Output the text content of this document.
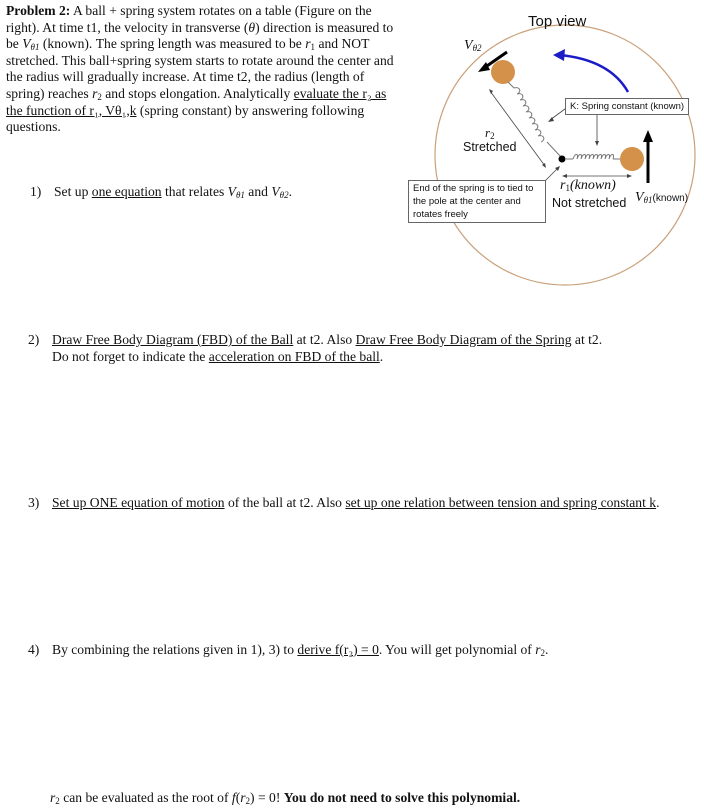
Problem 2: A ball + spring system rotates on a table (Figure on the right). At time t1, the velocity in transverse (θ) direction is measured to be $V_{\theta 1}$ (known). The spring length was measured to be $r_1$ and NOT stretched. This ball+spring system starts to rotate around the center and the radius will gradually increase. At time t2, the radius (length of spring) reaches $r_2$ and stops elongation. Analytically evaluate the r₂ as the function of r₁, Vθ₁,k (spring constant) by answering following questions.
Top view
$V_{\theta 2}$
$r_2$
Stretched
K: Spring constant (known)
End of the spring is to tied to the pole at the center and rotates freely
$r_1(known)$
Not stretched $V_{\theta 1}(known)$
1) Set up one equation that relates $V_{\theta 1}$ and $V_{\theta 2}$.
2) Draw Free Body Diagram (FBD) of the Ball at t2. Also Draw Free Body Diagram of the Spring at t2.
Do not forget to indicate the acceleration on FBD of the ball.
3) Set up ONE equation of motion of the ball at t2. Also set up one relation between tension and spring constant k.
4) By combining the relations given in 1), 3) to derive f(r₂) = 0. You will get polynomial of $r_2$.
$r_2$ can be evaluated as the root of $f(r_2) = 0$! You do not need to solve this polynomial.
